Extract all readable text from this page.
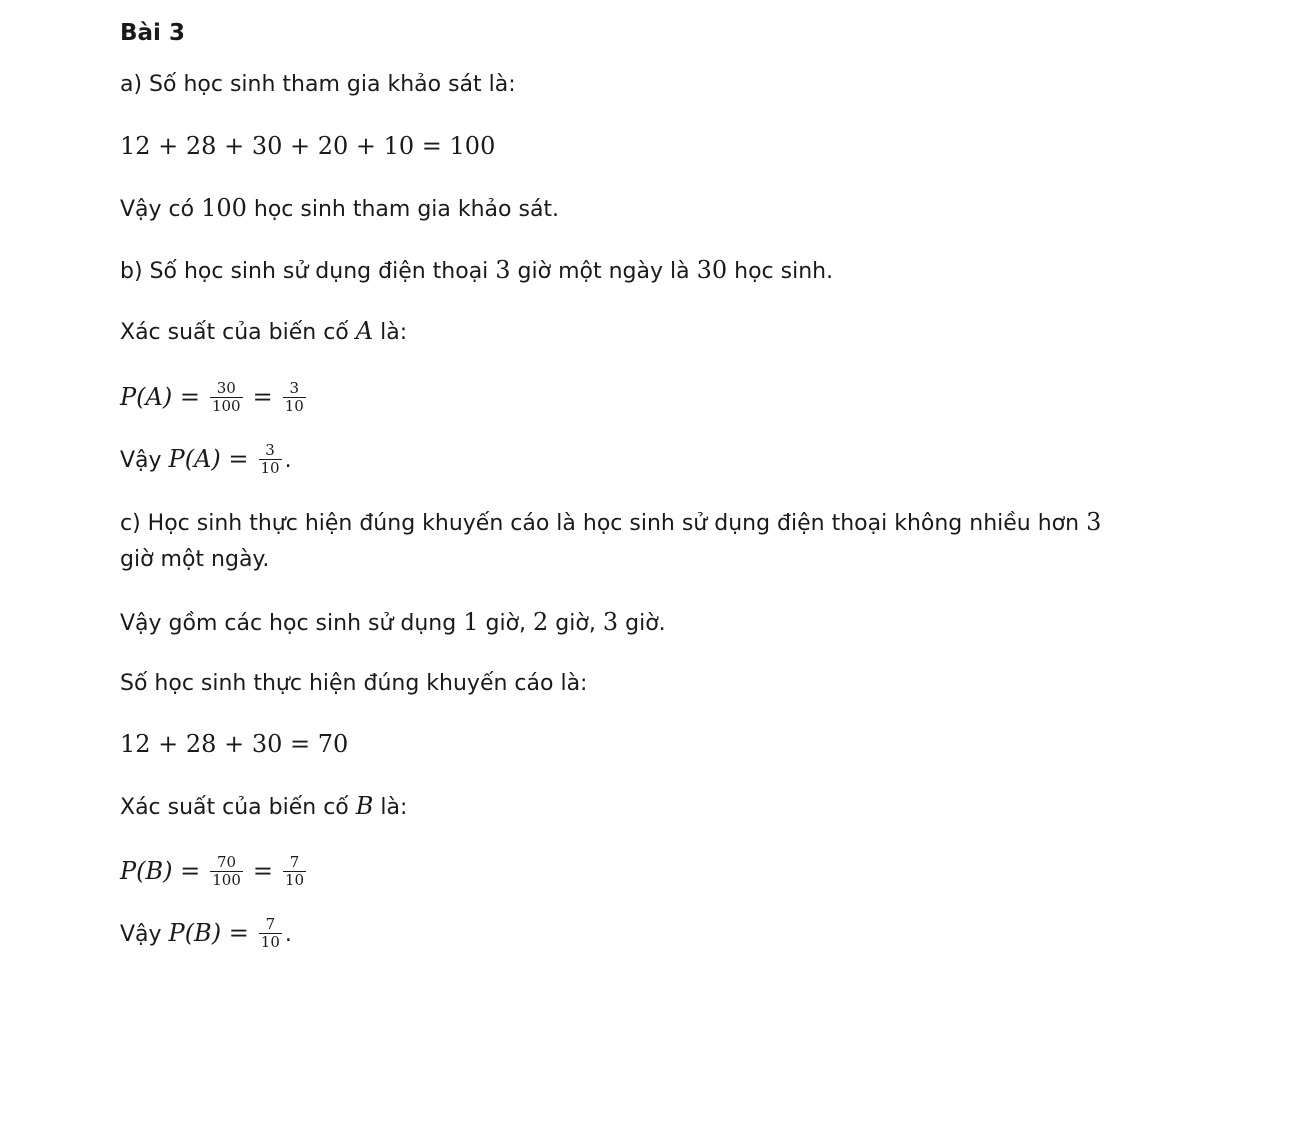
Bài 3
a) Số học sinh tham gia khảo sát là:
12 + 28 + 30 + 20 + 10 = 100
Vậy có 100 học sinh tham gia khảo sát.
b) Số học sinh sử dụng điện thoại 3 giờ một ngày là 30 học sinh.
Xác suất của biến cố A là:
$P(A) = \frac{30}{100} = \frac{3}{10}$
Vậy $P(A) = \frac{3}{10}$ .
c) Học sinh thực hiện đúng khuyến cáo là học sinh sử dụng điện thoại không nhiều hơn 3
giờ một ngày.
Vậy gồm các học sinh sử dụng 1 giờ, 2 giờ, 3 giờ.
Số học sinh thực hiện đúng khuyến cáo là:
12 + 28 + 30 = 70
Xác suất của biến cố B là:
$P(B) = \frac{70}{100} = \frac{7}{10}$
Vậy $P(B) = \frac{7}{10}$ .
